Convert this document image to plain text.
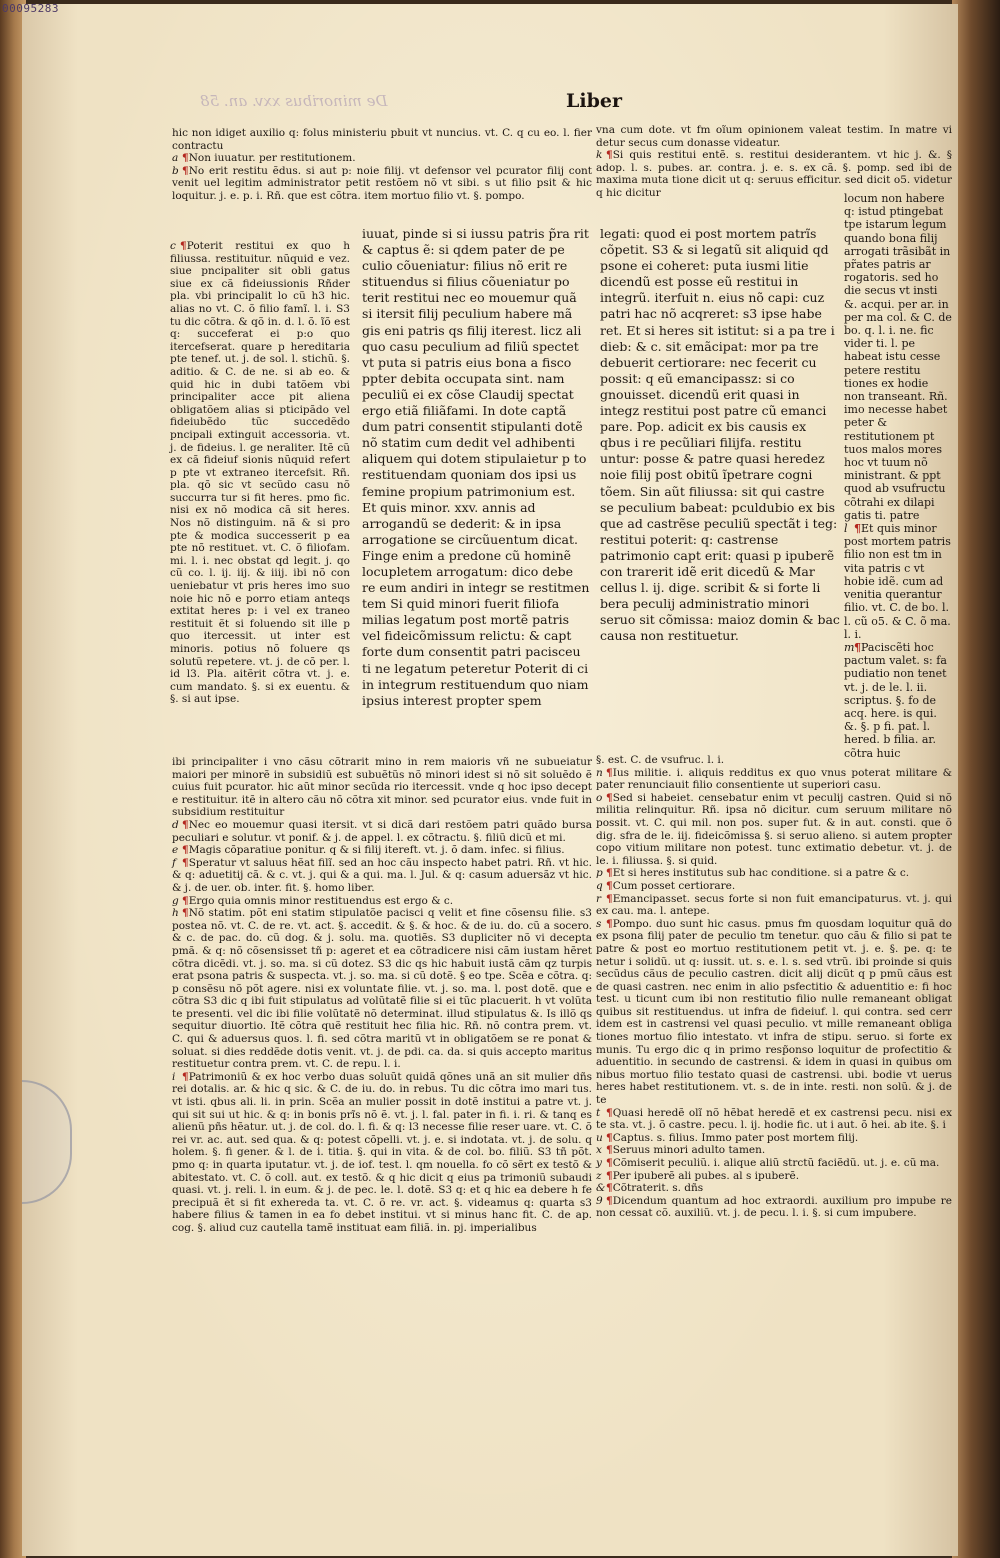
De minoribus xxv. an. 58	Liber

hic non idiget auxilio q: folus ministeriu pbuit vt nuncius. vt. C. q cu eo. l. fier contractu

a ¶Non iuuatur. per restitutionem.

b ¶No erit restitu ẽdus. si aut p: noie filij. vt defensor vel pcurator filij cont venit uel legitim administrator petit restõem nõ vt sibi. s ut filio psit & hic loquitur. j. e. p. i. Rñ. que est cõtra. item mortuo filio vt. §. pompo.

c ¶Poterit restitui ex quo h filiussa. restituitur. nũquid e vez. siue pncipaliter sit obli gatus siue ex cã fideiussionis Rñder pla. vbi principalit lo cũ h3 hic. alias no vt. C. õ filio famĩ. l. i. S3 tu dic cõtra. & qõ in. d. l. õ. ĩõ est q: succeferat ei p:o quo itercefserat. quare p hereditaria pte tenef. ut. j. de sol. l. stichũ. §. aditio. & C. de ne. si ab eo. & quid hic in dubi tatõem vbi principaliter acce pit aliena obligatõem alias si pticipãdo vel fideiubẽdo tũc succedẽdo pncipali extinguit accessoria. vt. j. de fideius. l. ge neraliter. Itẽ cũ ex cã fideiuf sionis nũquid refert p pte vt extraneo itercefsit. Rñ. pla. qõ sic vt secũdo casu nõ succurra tur si fit heres. pmo fic. nisi ex nõ modica cã sit heres. Nos nõ distinguim. nã & si pro pte & modica successerit p ea pte nõ restituet. vt. C. õ filiofam. mi. l. i. nec obstat qd legit. j. qo cũ co. l. ij. iij. & iiij. ibi nõ con ueniebatur vt pris heres imo suo noie hic nõ e porro etiam anteqs extitat heres p: i vel ex traneo restituit ẽt si foluendo sit ille p quo itercessit. ut inter est minoris. potius nõ foluere qs solutũ repetere. vt. j. de cõ per. l. id l3. Pla. aitẽrit cõtra vt. j. e. cum mandato. §. si ex euentu. & §. si aut ipse.

iuuat, pinde si si iussu patris p̃ra rit & captus ẽ: si qdem pater de pe culio cõueniatur: filius nõ erit re stituendus si filius cõueniatur po terit restitui nec eo mouemur quã si itersit filij peculium habere mã gis eni patris qs filij iterest. licz ali quo casu peculium ad filiũ spectet vt puta si patris eius bona a fisco ppter debita occupata sint. nam peculiũ ei ex cõse Claudij spectat ergo etiã filiãfami. In dote captã dum patri consentit stipulanti dotẽ nõ statim cum dedit vel adhibenti aliquem qui dotem stipulaietur p to restituendam quoniam dos ipsi us femine propium patrimonium est. Et quis minor. xxv. annis ad arrogandũ se dederit: & in ipsa arrogatione se circũuentum dicat. Finge enim a predone cũ hominẽ locupletem arrogatum: dico debe re eum andiri in integr se restitmen tem Si quid minori fuerit filiofa milias legatum post mortẽ patris vel fideicõmissum relictu: & capt forte dum consentit patri pacisceu ti ne legatum peteretur Poterit di ci in integrum restituendum quo niam ipsius interest propter spem

vna cum dote. vt fm oĩum opinionem valeat testim. In matre vi detur secus cum donasse videatur.

k ¶Si quis restitui entẽ. s. restitui desiderantem. vt hic j. &. § adop. l. s. pubes. ar. contra. j. e. s. ex cã. §. pomp. sed ibi de maxima muta tione dicit ut q: seruus efficitur. sed dicit o5. videtur q hic dicitur

legati: quod ei post mortem patrĩs cõpetit. S3 & si legatũ sit aliquid qd psone ei coheret: puta iusmi litie dicendũ est posse eũ restitui in integrũ. iterfuit n. eius nõ capi: cuz patri hac nõ acqreret: s3 ipse habe ret. Et si heres sit istitut: si a pa tre i dieb: & c. sit emãcipat: mor pa tre debuerit certiorare: nec fecerit cu possit: q eũ emancipassz: si co gnouisset. dicendũ erit quasi in integz restitui post patre cũ emanci pare. Pop. adicit ex bis causis ex qbus i re pecũliari filijfa. restitu untur: posse & patre quasi heredez noie filij post obitũ ĩpetrare cogni tõem. Sin aũt filiussa: sit qui castre se peculium babeat: pculdubio ex bis que ad castrẽse peculiũ spectãt i teg: restitui poterit: q: castrense patrimonio capt erit: quasi p ipuberẽ con trarerit idẽ erit dicedũ & Mar cellus l. ij. dige. scribit & si forte li bera peculij administratio minori seruo sit cõmissa: maioz domin & bac causa non restituetur.

locum non habere q: istud ptingebat tpe istarum legum quando bona filij arrogati trãsibãt in pr̃ates patris ar rogatoris. sed ho die secus vt insti &. acqui. per ar. in per ma col. & C. de bo. q. l. i. ne. fic vider ti. l. pe habeat istu cesse petere restitu tiones ex hodie non transeant. Rñ. imo necesse habet peter & restitutionem pt tuos malos mores hoc vt tuum nõ ministrant. & ppt quod ab vsufructu cõtrahi ex dilapi gatis ti. patre

l ¶Et quis minor post mortem patris filio non est tm in vita patris c vt hobie idẽ. cum ad venitia querantur filio. vt. C. de bo. l. l. cũ o5. & C. õ ma. l. i.

m¶Paciscẽti hoc pactum valet. s: fa pudiatio non tenet vt. j. de le. l. ii. scriptus. §. fo de acq. here. is qui. &. §. p fi. pat. l. hered. b filia. ar. cõtra huic

ibi principaliter i vno cãsu cõtrarit mino in rem maioris vñ ne subueiatur maiori per minorẽ in subsidiũ est subuẽtũs nõ minori idest si nõ sit soluẽdo ẽ cuius fuit pcurator. hic aũt minor secũda rio itercessit. vnde q hoc ipso decept e restituitur. itẽ in altero cãu nõ cõtra xit minor. sed pcurator eius. vnde fuit in subsidium restituitur

d ¶Nec eo mouemur quasi itersit. vt si dicã dari restõem patri quãdo bursa peculiari e solutur. vt ponif. & j. de appel. l. ex cõtractu. §. filiũ dicũ et mi.

e ¶Magis cõparatiue ponitur. q & si filij itereft. vt. j. õ dam. infec. si filius.

f ¶Speratur vt saluus hẽat filĩ. sed an hoc cãu inspecto habet patri. Rñ. vt hic. & q: aduetitij cã. & c. vt. j. qui & a qui. ma. l. Jul. & q: casum aduersãz vt hic. & j. de uer. ob. inter. fit. §. homo liber.

g ¶Ergo quia omnis minor restituendus est ergo & c.

h ¶Nõ statim. põt eni statim stipulatõe pacisci q velit et fine cõsensu filie. s3 postea nõ. vt. C. de re. vt. act. §. accedit. & §. & hoc. & de iu. do. cũ a socero. & c. de pac. do. cũ dog. & j. solu. ma. quotiẽs. S3 dupliciter nõ vi decepta pmã. & q: nõ cõsensisset tñ p: ageret et ea cõtradicere nisi cãm iustam hẽret cõtra dicẽdi. vt. j. so. ma. si cũ dotez. S3 dic qs hic habuit iustã cãm qz turpis erat psona patris & suspecta. vt. j. so. ma. si cũ dotẽ. § eo tpe. Scẽa e cõtra. q: p consẽsu nõ põt agere. nisi ex voluntate filie. vt. j. so. ma. l. post dotẽ. que e cõtra S3 dic q ibi fuit stipulatus ad volũtatẽ filie si ei tũc placuerit. h vt volũta te presenti. vel dic ibi filie volũtatẽ nõ determinat. illud stipulatus &. Is illõ qs sequitur diuortio. Itẽ cõtra quẽ restituit hec filia hic. Rñ. nõ contra prem. vt. C. qui & aduersus quos. l. fi. sed cõtra maritũ vt in obligatõem se re ponat & soluat. si dies reddẽde dotis venit. vt. j. de pdi. ca. da. si quis accepto maritus restituetur contra prem. vt. C. de repu. l. i.

i ¶Patrimoniũ & ex hoc verbo duas soluũt quidã qõnes unã an sit mulier dñs rei dotalis. ar. & hic q sic. & C. de iu. do. in rebus. Tu dic cõtra imo mari tus. vt isti. qbus ali. li. in prin. Scẽa an mulier possit in dotẽ institui a patre vt. j. qui sit sui ut hic. & q: in bonis prĩs nõ ẽ. vt. j. l. fal. pater in fi. i. ri. & tanq es alienũ pñs hẽatur. ut. j. de col. do. l. fi. & q: l3 necesse filie reser uare. vt. C. õ rei vr. ac. aut. sed qua. & q: potest cõpelli. vt. j. e. si indotata. vt. j. de solu. q holem. §. fi gener. & l. de i. titia. §. qui in vita. & de col. bo. filiũ. S3 tñ põt. pmo q: in quarta iputatur. vt. j. de iof. test. l. qm nouella. fo cõ sẽrt ex testõ & abitestato. vt. C. õ coll. aut. ex testõ. & q hic dicit q eius pa trimoniũ subaudi quasi. vt. j. reli. l. in eum. & j. de pec. le. l. dotẽ. S3 q: et q hic ea debere h fe precipuã ẽt si fit exhereda ta. vt. C. õ re. vr. act. §. videamus q: quarta s3 habere filius & tamen in ea fo debet institui. vt si minus hanc fit. C. de ap. cog. §. aliud cuz cautella tamẽ instituat eam filiã. in. pj. imperialibus

§. est. C. de vsufruc. l. i.

n ¶Ius militie. i. aliquis redditus ex quo vnus poterat militare & pater renunciauit filio consentiente ut superiori casu.

o ¶Sed si habeiet. censebatur enim vt peculij castren. Quid si nõ militia relinquitur. Rñ. ipsa nõ dicitur. cum seruum militare nõ possit. vt. C. qui mil. non pos. super fut. & in aut. consti. que õ dig. sfra de le. iij. fideicõmissa §. si seruo alieno. si autem propter copo vitium militare non potest. tunc extimatio debetur. vt. j. de le. i. filiussa. §. si quid.

p ¶Et si heres institutus sub hac conditione. si a patre & c.

q ¶Cum posset certiorare.

r ¶Emancipasset. secus forte si non fuit emancipaturus. vt. j. qui ex cau. ma. l. antepe.

s ¶Pompo. duo sunt hic casus. pmus fm quosdam loquitur quã do ex psona filij pater de peculio tm tenetur. quo cãu & filio si pat te patre & post eo mortuo restitutionem petit vt. j. e. §. pe. q: te netur i solidũ. ut q: iussit. ut. s. e. l. s. sed vtrũ. ibi proinde si quis secũdus cãus de peculio castren. dicit alij dicũt q p pmũ cãus est de quasi castren. nec enim in alio psfectitio & aduentitio e: fi hoc test. u ticunt cum ibi non restitutio filio nulle remaneant obligat quibus sit restituendus. ut infra de fideiuf. l. qui contra. sed cerr idem est in castrensi vel quasi peculio. vt mille remaneant obliga tiones mortuo filio intestato. vt infra de stipu. seruo. si forte ex munis. Tu ergo dic q in primo resp̃onso loquitur de profectitio & aduentitio. in secundo de castrensi. & idem in quasi in quibus om nibus mortuo filio testato quasi de castrensi. ubi. bodie vt uerus heres habet restitutionem. vt. s. de in inte. resti. non solũ. & j. de te

t ¶Quasi heredẽ olĩ nõ hẽbat heredẽ et ex castrensi pecu. nisi ex te sta. vt. j. õ castre. pecu. l. ij. hodie fic. ut i aut. õ hei. ab ite. §. i

u ¶Captus. s. filius. Immo pater post mortem filij.

x ¶Seruus minori adulto tamen.

y ¶Cõmiserit peculiũ. i. alique aliũ strctũ faciẽdũ. ut. j. e. cũ ma.

z ¶Per ipuberẽ ali pubes. al s ipuberẽ.

&¶Cõtraterit. s. dñs

9 ¶Dicendum quantum ad hoc extraordi. auxilium pro impube re non cessat cõ. auxiliũ. vt. j. de pecu. l. i. §. si cum impubere.

00095283
